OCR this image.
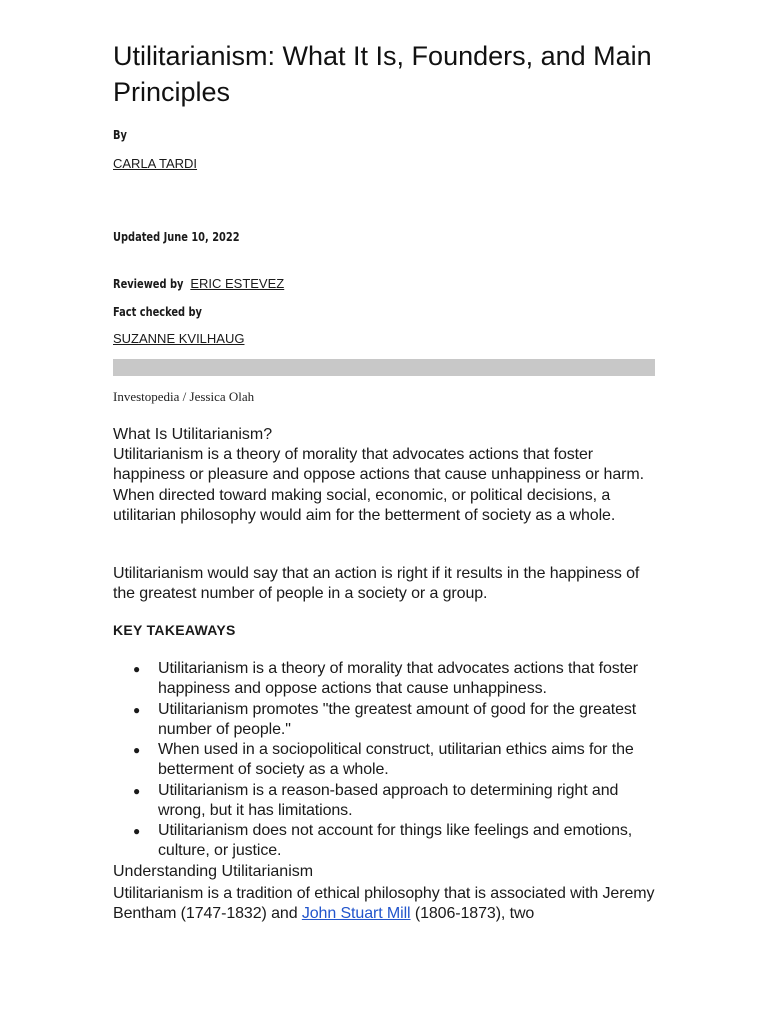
Utilitarianism: What It Is, Founders, and Main Principles
By
CARLA TARDI
Updated June 10, 2022
Reviewed by ERIC ESTEVEZ
Fact checked by
SUZANNE KVILHAUG
Investopedia / Jessica Olah
What Is Utilitarianism?

Utilitarianism is a theory of morality that advocates actions that foster happiness or pleasure and oppose actions that cause unhappiness or harm. When directed toward making social, economic, or political decisions, a utilitarian philosophy would aim for the betterment of society as a whole.

Utilitarianism would say that an action is right if it results in the happiness of the greatest number of people in a society or a group.

KEY TAKEAWAYS
● Utilitarianism is a theory of morality that advocates actions that foster happiness and oppose actions that cause unhappiness.
● Utilitarianism promotes "the greatest amount of good for the greatest number of people."
● When used in a sociopolitical construct, utilitarian ethics aims for the betterment of society as a whole.
● Utilitarianism is a reason-based approach to determining right and wrong, but it has limitations.
● Utilitarianism does not account for things like feelings and emotions, culture, or justice.
Understanding Utilitarianism

Utilitarianism is a tradition of ethical philosophy that is associated with Jeremy Bentham (1747-1832) and John Stuart Mill (1806-1873), two
